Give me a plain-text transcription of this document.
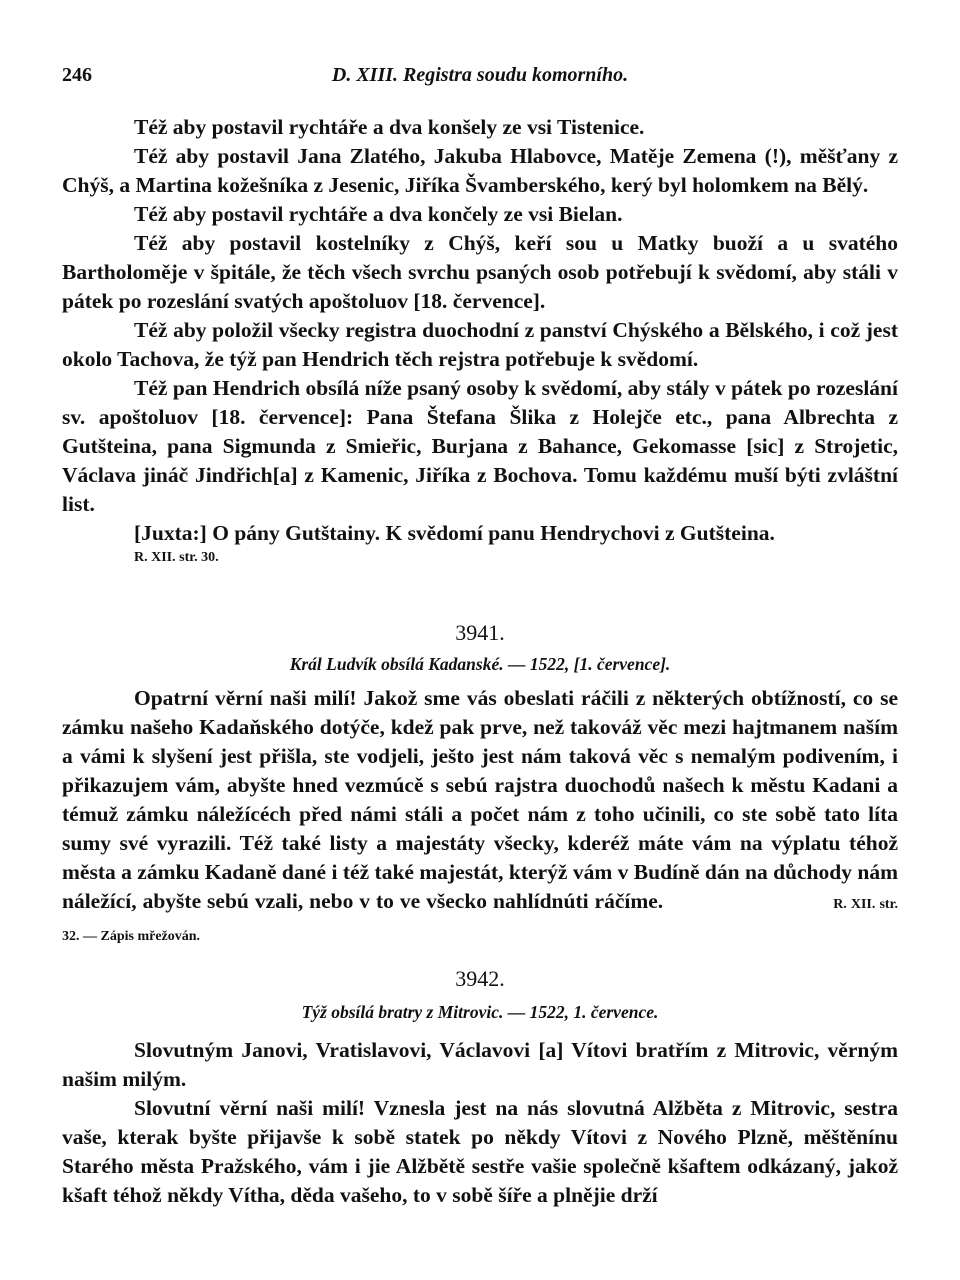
246	D. XIII. Registra soudu komorního.

Též aby postavil rychtáře a dva konšely ze vsi Tistenice.

Též aby postavil Jana Zlatého, Jakuba Hlabovce, Matěje Zemena (!), měšťany z Chýš, a Martina kožešníka z Jesenic, Jiříka Švamberského, kerý byl holomkem na Bělý.

Též aby postavil rychtáře a dva končely ze vsi Bielan.

Též aby postavil kostelníky z Chýš, keří sou u Matky buoží a u svatého Bartholoměje v špitále, že těch všech svrchu psaných osob potřebují k svědomí, aby stáli v pátek po rozeslání svatých apoštoluov [18. července].

Též aby položil všecky registra duochodní z panství Chýského a Bělského, i což jest okolo Tachova, že týž pan Hendrich těch rejstra potřebuje k svědomí.

Též pan Hendrich obsílá níže psaný osoby k svědomí, aby stály v pátek po rozeslání sv. apoštoluov [18. července]: Pana Štefana Šlika z Holejče etc., pana Albrechta z Gutšteina, pana Sigmunda z Smieřic, Burjana z Bahance, Gekomasse [sic] z Strojetic, Václava jináč Jindřich[a] z Kamenic, Jiříka z Bochova. Tomu každému muší býti zvláštní list.

[Juxta:] O pány Gutštainy. K svědomí panu Hendrychovi z Gutšteina.

R. XII. str. 30.
3941.
Král Ludvík obsílá Kadanské. — 1522, [1. července].

Opatrní věrní naši milí! Jakož sme vás obeslati ráčili z některých obtížností, co se zámku našeho Kadaňského dotýče, kdež pak prve, než takováž věc mezi hajtmanem naším a vámi k slyšení jest přišla, ste vodjeli, ješto jest nám taková věc s nemalým podivením, i přikazujem vám, abyšte hned vezmúcě s sebú rajstra duochodů našech k městu Kadani a témuž zámku náležícéch před námi stáli a počet nám z toho učinili, co ste sobě tato líta sumy své vyrazili. Též také listy a majestáty všecky, kderéž máte vám na výplatu téhož města a zámku Kadaně dané i též také majestát, kterýž vám v Budíně dán na důchody nám náležící, abyšte sebú vzali, nebo v to ve všecko nahlídnúti ráčíme.	R. XII. str. 32. — Zápis mřežován.

3942.
Týž obsílá bratry z Mitrovic. — 1522, 1. července.

Slovutným Janovi, Vratislavovi, Václavovi [a] Vítovi bratřím z Mitrovic, věrným našim milým.

Slovutní věrní naši milí! Vznesla jest na nás slovutná Alžběta z Mitrovic, sestra vaše, kterak byšte přijavše k sobě statek po někdy Vítovi z Nového Plzně, měštěnínu Starého města Pražského, vám i jie Alžbětě sestře vašie společně kšaftem odkázaný, jakož kšaft téhož někdy Vítha, děda vašeho, to v sobě šíře a plnějie drží
